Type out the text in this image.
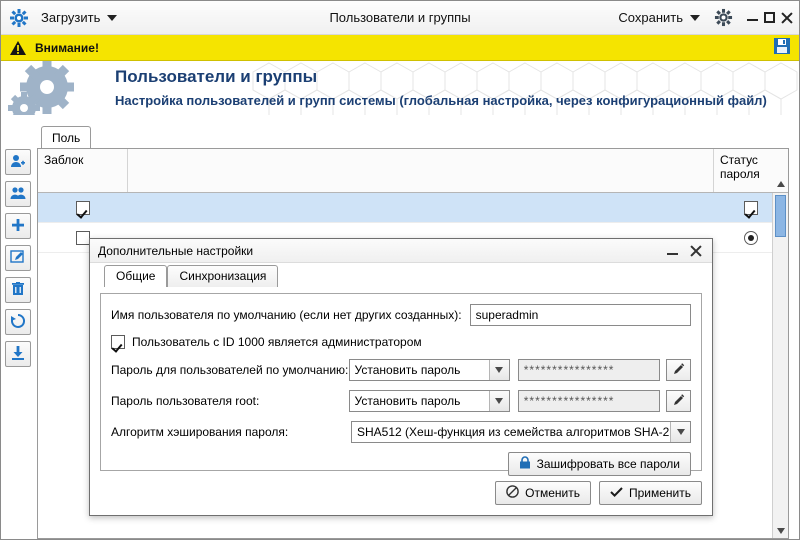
Загрузить	Пользователи и группы	Сохранить
Внимание!
Пользователи и группы
Настройка пользователей и групп системы (глобальная настройка, через конфигурационный файл)
Поль
Заблок	Статус
пароля
Дополнительные настройки
Общие	Синхронизация
Имя пользователя по умолчанию (если нет других созданных):	superadmin
Пользователь с ID 1000 является администратором
Пароль для пользователей по умолчанию: Установить пароль	****************
Пароль пользователя root:	Установить пароль	****************
Алгоритм хэширования пароля:	SHA512 (Хеш-функция из семейства алгоритмов SHA-2
Зашифровать все пароли
Отменить	Применить
